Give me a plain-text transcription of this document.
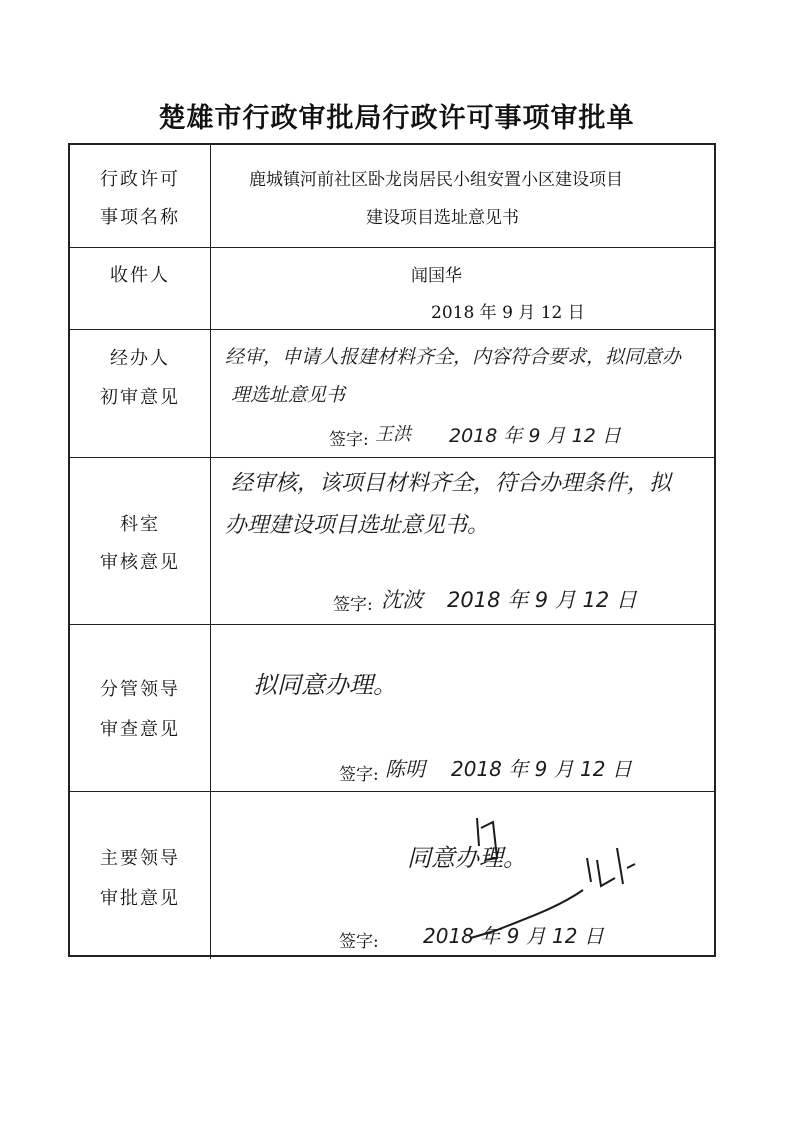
楚雄市行政审批局行政许可事项审批单
行政许可
事项名称
鹿城镇河前社区卧龙岗居民小组安置小区建设项目
建设项目选址意见书
收件人	闻国华
2018 年 9 月 12 日
经办人
初审意见
经审，申请人报建材料齐全，内容符合要求，拟同意办
理选址意见书
签字: 王洪 2018 年 9 月 12 日
科室
审核意见
经审核，该项目材料齐全，符合办理条件，拟
办理建设项目选址意见书。
签字: 沈波 2018 年 9 月 12 日
分管领导
审查意见
拟同意办理。
签字: 陈明 2018 年 9 月 12 日
主要领导
审批意见
同意办理。
签字: 2018 年 9 月 12 日
